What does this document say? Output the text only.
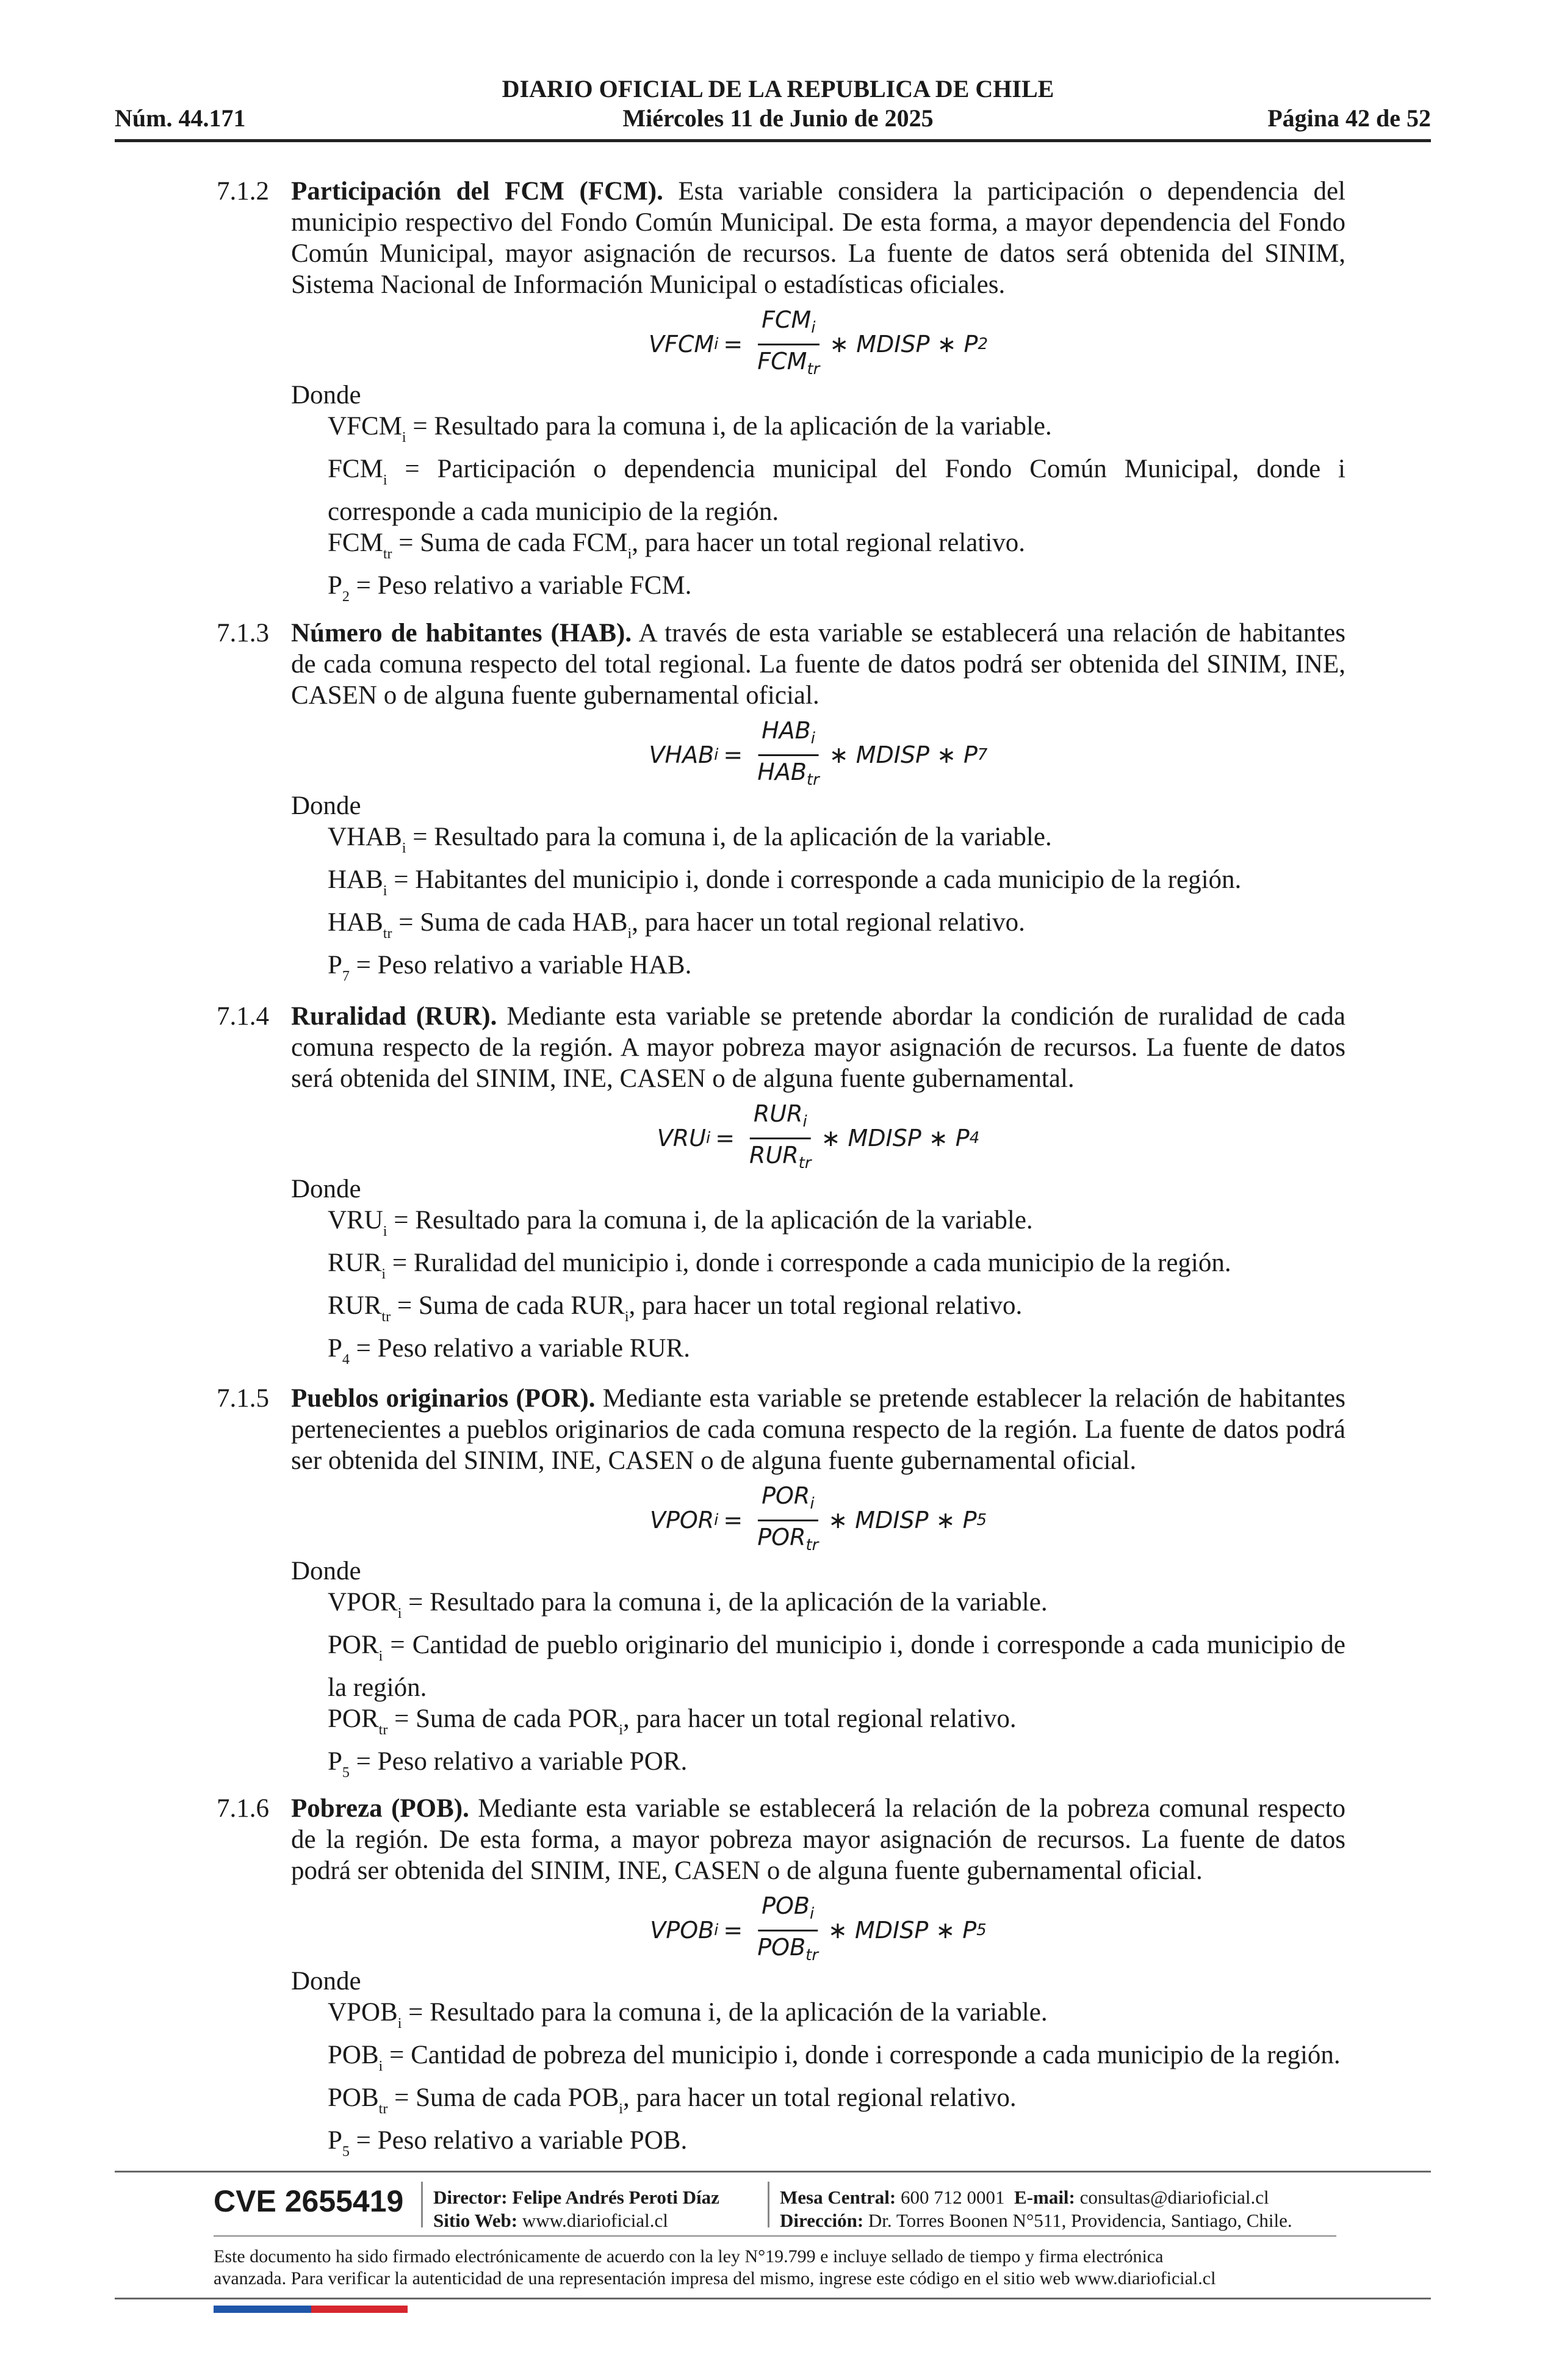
DIARIO OFICIAL DE LA REPUBLICA DE CHILE
Núm. 44.171	Miércoles 11 de Junio de 2025	Página 42 de 52
7.1.2 Participación del FCM (FCM). Esta variable considera la participación o dependencia del municipio respectivo del Fondo Común Municipal. De esta forma, a mayor dependencia del Fondo Común Municipal, mayor asignación de recursos. La fuente de datos será obtenida del SINIM, Sistema Nacional de Información Municipal o estadísticas oficiales.
VFCM $i = \frac{FCM_i}{FCM_{tr}}$ ∗ MDISP ∗ P 2
Donde
$VFCM_i$ = Resultado para la comuna i, de la aplicación de la variable.
$FCM_i$ = Participación o dependencia municipal del Fondo Común Municipal, donde i corresponde a cada municipio de la región.
$FCM_{tr}$ = Suma de cada $FCM_i$, para hacer un total regional relativo.
$P_2$ = Peso relativo a variable FCM.
7.1.3 Número de habitantes (HAB). A través de esta variable se establecerá una relación de habitantes de cada comuna respecto del total regional. La fuente de datos podrá ser obtenida del SINIM, INE, CASEN o de alguna fuente gubernamental oficial.
VHAB $i = \frac{HAB_i}{HAB_{tr}}$ ∗ MDISP ∗ P 7
Donde
$VHAB_i$ = Resultado para la comuna i, de la aplicación de la variable.
$HAB_i$ = Habitantes del municipio i, donde i corresponde a cada municipio de la región.
$HAB_{tr}$ = Suma de cada $HAB_i$, para hacer un total regional relativo.
$P_7$ = Peso relativo a variable HAB.
7.1.4 Ruralidad (RUR). Mediante esta variable se pretende abordar la condición de ruralidad de cada comuna respecto de la región. A mayor pobreza mayor asignación de recursos. La fuente de datos será obtenida del SINIM, INE, CASEN o de alguna fuente gubernamental.
VRU $i = \frac{RUR_i}{RUR_{tr}}$ ∗ MDISP ∗ P 4
Donde
$VRU_i$ = Resultado para la comuna i, de la aplicación de la variable.
$RUR_i$ = Ruralidad del municipio i, donde i corresponde a cada municipio de la región.
$RUR_{tr}$ = Suma de cada $RUR_i$, para hacer un total regional relativo.
$P_4$ = Peso relativo a variable RUR.
7.1.5 Pueblos originarios (POR). Mediante esta variable se pretende establecer la relación de habitantes pertenecientes a pueblos originarios de cada comuna respecto de la región. La fuente de datos podrá ser obtenida del SINIM, INE, CASEN o de alguna fuente gubernamental oficial.
VPOR $i = \frac{POR_i}{POR_{tr}}$ ∗ MDISP ∗ P 5
Donde
$VPOR_i$ = Resultado para la comuna i, de la aplicación de la variable.
$POR_i$ = Cantidad de pueblo originario del municipio i, donde i corresponde a cada municipio de la región.
$POR_{tr}$ = Suma de cada $POR_i$, para hacer un total regional relativo.
$P_5$ = Peso relativo a variable POR.
7.1.6 Pobreza (POB). Mediante esta variable se establecerá la relación de la pobreza comunal respecto de la región. De esta forma, a mayor pobreza mayor asignación de recursos. La fuente de datos podrá ser obtenida del SINIM, INE, CASEN o de alguna fuente gubernamental oficial.
VPOB $i = \frac{POB_i}{POB_{tr}}$ ∗ MDISP ∗ P 5
Donde
$VPOB_i$ = Resultado para la comuna i, de la aplicación de la variable.
$POB_i$ = Cantidad de pobreza del municipio i, donde i corresponde a cada municipio de la región.
$POB_{tr}$ = Suma de cada $POB_i$, para hacer un total regional relativo.
$P_5$ = Peso relativo a variable POB.
CVE 2655419 Director: Felipe Andrés Peroti Díaz
Sitio Web: www.diarioficial.cl
Mesa Central: 600 712 0001 E-mail: consultas@diarioficial.cl
Dirección: Dr. Torres Boonen N°511, Providencia, Santiago, Chile.
Este documento ha sido firmado electrónicamente de acuerdo con la ley N°19.799 e incluye sellado de tiempo y firma electrónica
avanzada. Para verificar la autenticidad de una representación impresa del mismo, ingrese este código en el sitio web www.diarioficial.cl
